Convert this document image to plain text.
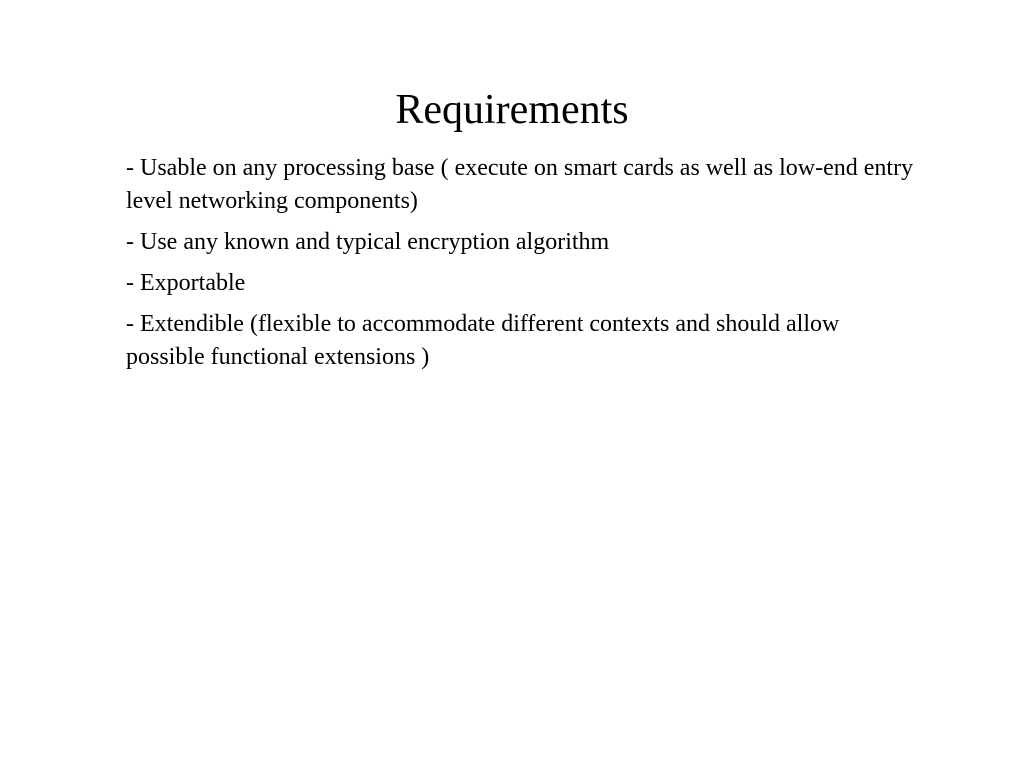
Requirements
- Usable on any processing base ( execute on smart cards as well as low-end entry level networking components)
- Use any known and typical encryption algorithm
- Exportable
- Extendible (flexible to accommodate different contexts and should allow possible functional extensions )
